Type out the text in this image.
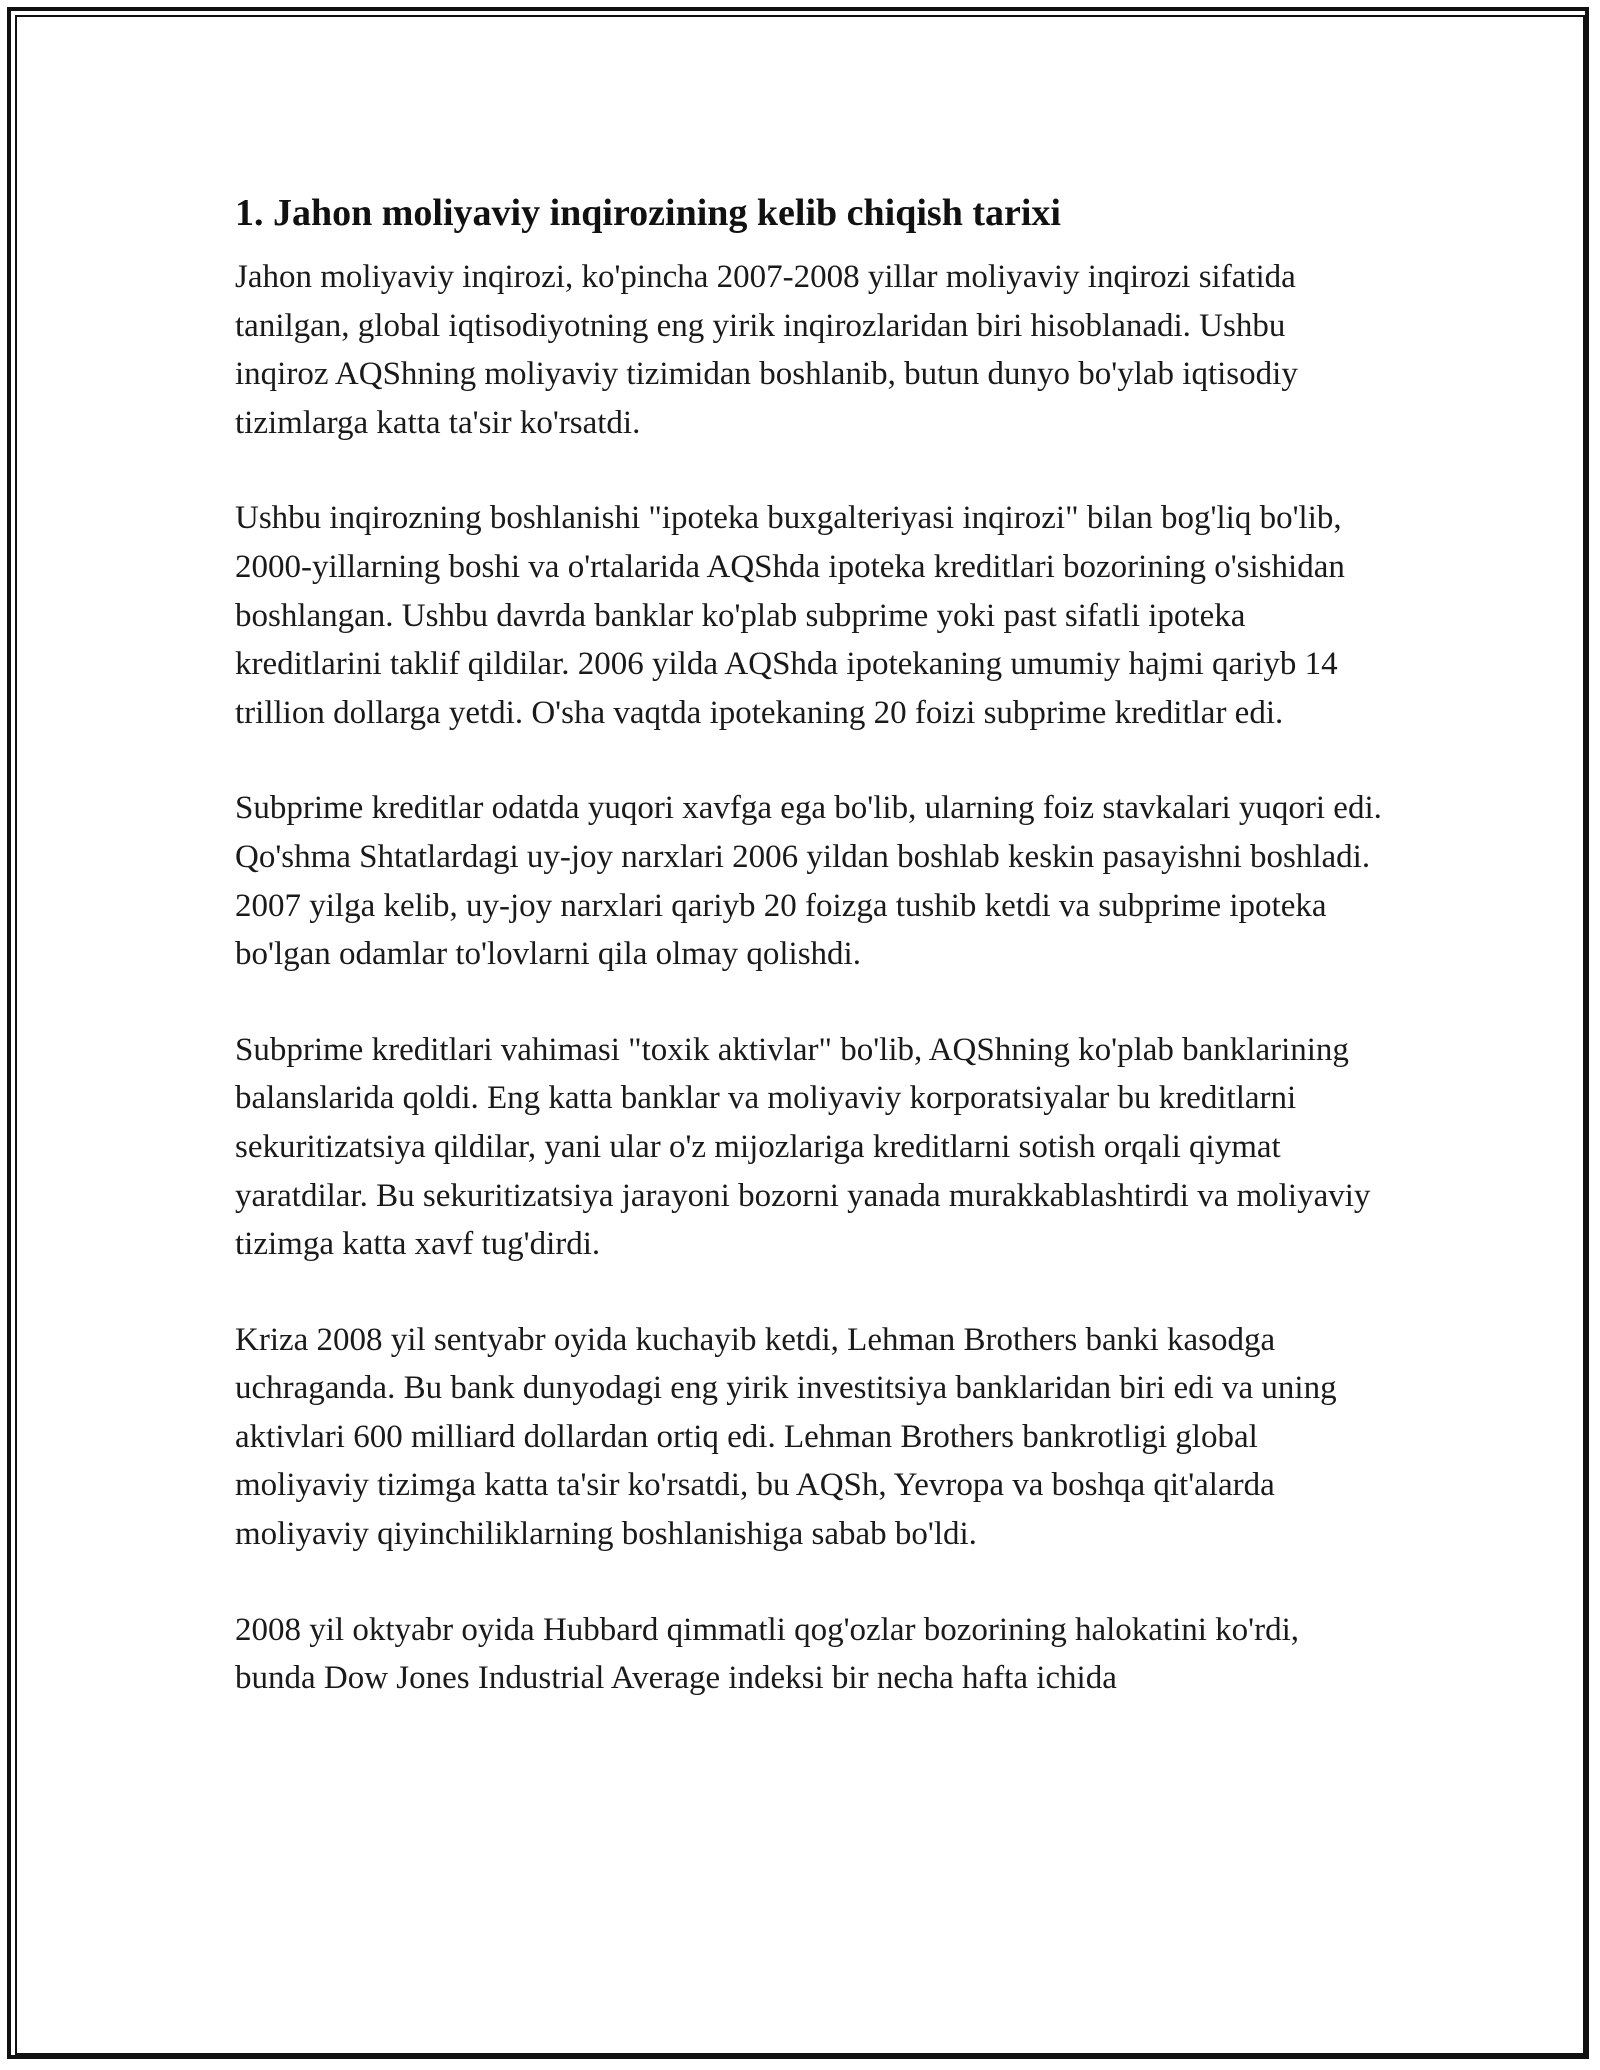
1. Jahon moliyaviy inqirozining kelib chiqish tarixi

Jahon moliyaviy inqirozi, ko'pincha 2007-2008 yillar moliyaviy inqirozi sifatida tanilgan, global iqtisodiyotning eng yirik inqirozlaridan biri hisoblanadi. Ushbu inqiroz AQShning moliyaviy tizimidan boshlanib, butun dunyo bo'ylab iqtisodiy tizimlarga katta ta'sir ko'rsatdi.

Ushbu inqirozning boshlanishi "ipoteka buxgalteriyasi inqirozi" bilan bog'liq bo'lib, 2000-yillarning boshi va o'rtalarida AQShda ipoteka kreditlari bozorining o'sishidan boshlangan. Ushbu davrda banklar ko'plab subprime yoki past sifatli ipoteka kreditlarini taklif qildilar. 2006 yilda AQShda ipotekaning umumiy hajmi qariyb 14 trillion dollarga yetdi. O'sha vaqtda ipotekaning 20 foizi subprime kreditlar edi.

Subprime kreditlar odatda yuqori xavfga ega bo'lib, ularning foiz stavkalari yuqori edi. Qo'shma Shtatlardagi uy-joy narxlari 2006 yildan boshlab keskin pasayishni boshladi. 2007 yilga kelib, uy-joy narxlari qariyb 20 foizga tushib ketdi va subprime ipoteka bo'lgan odamlar to'lovlarni qila olmay qolishdi.

Subprime kreditlari vahimasi "toxik aktivlar" bo'lib, AQShning ko'plab banklarining balanslarida qoldi. Eng katta banklar va moliyaviy korporatsiyalar bu kreditlarni sekuritizatsiya qildilar, yani ular o'z mijozlariga kreditlarni sotish orqali qiymat yaratdilar. Bu sekuritizatsiya jarayoni bozorni yanada murakkablashtirdi va moliyaviy tizimga katta xavf tug'dirdi.

Kriza 2008 yil sentyabr oyida kuchayib ketdi, Lehman Brothers banki kasodga uchraganda. Bu bank dunyodagi eng yirik investitsiya banklaridan biri edi va uning aktivlari 600 milliard dollardan ortiq edi. Lehman Brothers bankrotligi global moliyaviy tizimga katta ta'sir ko'rsatdi, bu AQSh, Yevropa va boshqa qit'alarda moliyaviy qiyinchiliklarning boshlanishiga sabab bo'ldi.

2008 yil oktyabr oyida Hubbard qimmatli qog'ozlar bozorining halokatini ko'rdi, bunda Dow Jones Industrial Average indeksi bir necha hafta ichida
